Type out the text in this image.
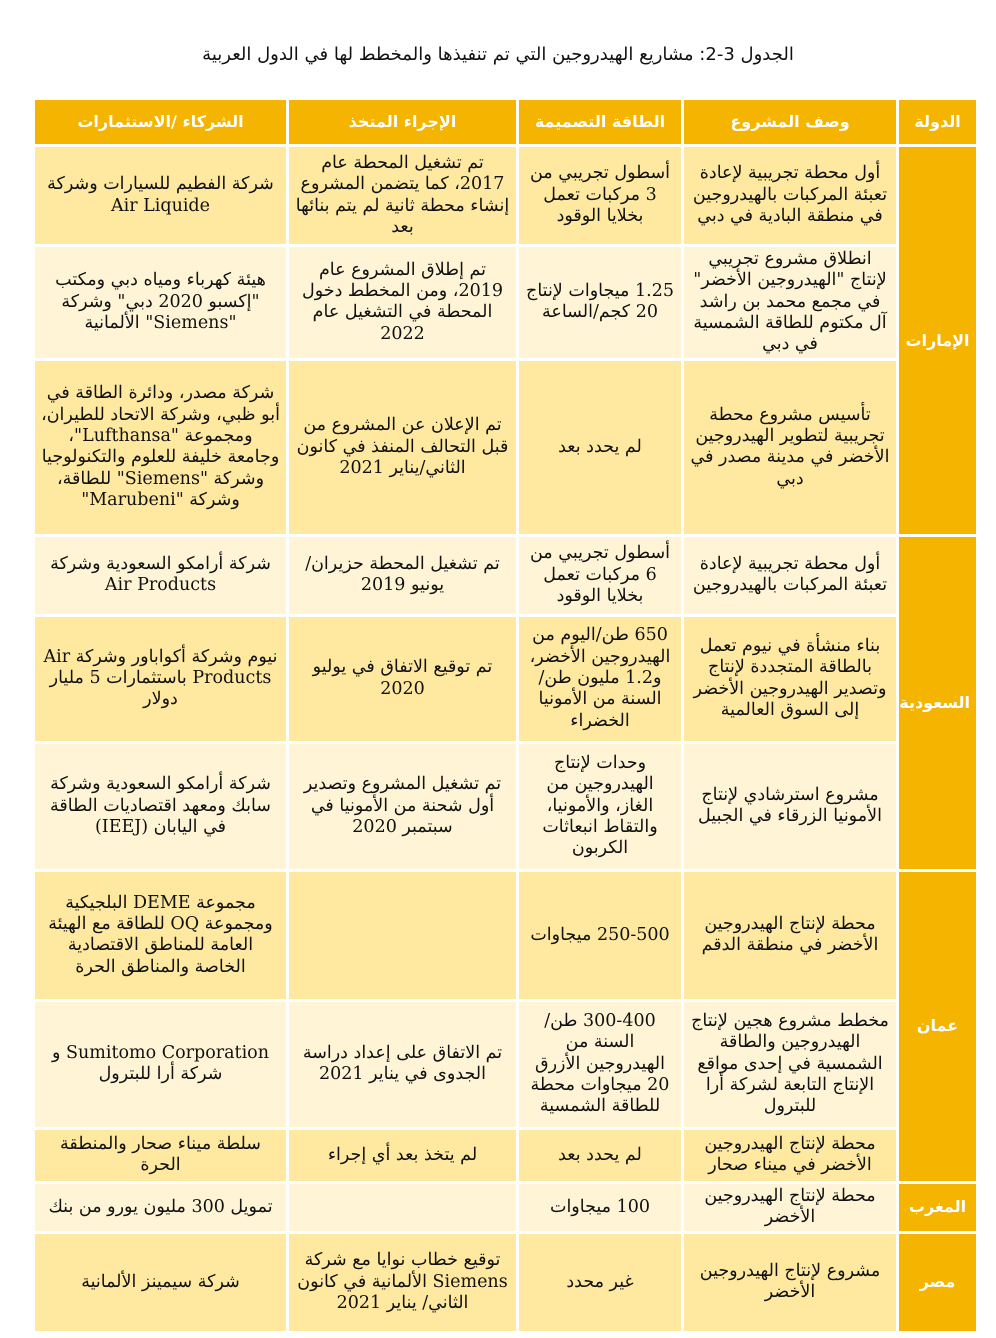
الجدول 3-2: مشاريع الهيدروجين التي تم تنفيذها والمخطط لها في الدول العربية
الدولة	وصف المشروع	الطاقة التصميمة	الإجراء المتخذ	الشركاء /الاستثمارات
الإمارات	أول محطة تجريبية لإعادة تعبئة المركبات بالهيدروجين في منطقة البادية في دبي	أسطول تجريبي من 3 مركبات تعمل بخلايا الوقود	تم تشغيل المحطة عام 2017، كما يتضمن المشروع إنشاء محطة ثانية لم يتم بنائها بعد	شركة الفطيم للسيارات وشركة Air Liquide
	انطلاق مشروع تجريبي لإنتاج "الهيدروجين الأخضر" في مجمع محمد بن راشد آل مكتوم للطاقة الشمسية في دبي	1.25 ميجاوات لإنتاج 20 كجم/الساعة	تم إطلاق المشروع عام 2019، ومن المخطط دخول المحطة في التشغيل عام 2022	هيئة كهرباء ومياه دبي ومكتب "إكسبو 2020 دبي" وشركة "Siemens" الألمانية
	تأسيس مشروع محطة تجريبية لتطوير الهيدروجين الأخضر في مدينة مصدر في دبي	لم يحدد بعد	تم الإعلان عن المشروع من قبل التحالف المنفذ في كانون الثاني/يناير 2021	شركة مصدر، ودائرة الطاقة في أبو ظبي، وشركة الاتحاد للطيران، ومجموعة "Lufthansa"، وجامعة خليفة للعلوم والتكنولوجيا وشركة "Siemens" للطاقة، وشركة "Marubeni"
السعودية	أول محطة تجريبية لإعادة تعبئة المركبات بالهيدروجين	أسطول تجريبي من 6 مركبات تعمل بخلايا الوقود	تم تشغيل المحطة حزيران/يونيو 2019	شركة أرامكو السعودية وشركة Air Products
	بناء منشأة في نيوم تعمل بالطاقة المتجددة لإنتاج وتصدير الهيدروجين الأخضر إلى السوق العالمية	650 طن/اليوم من الهيدروجين الأخضر، و1.2 مليون طن/السنة من الأمونيا الخضراء	تم توقيع الاتفاق في يوليو 2020	نيوم وشركة أكواباور وشركة Air Products باستثمارات 5 مليار دولار
	مشروع استرشادي لإنتاج الأمونيا الزرقاء في الجبيل	وحدات لإنتاج الهيدروجين من الغاز، والأمونيا، والتقاط انبعاثات الكربون	تم تشغيل المشروع وتصدير أول شحنة من الأمونيا في سبتمبر 2020	شركة أرامكو السعودية وشركة سابك ومعهد اقتصاديات الطاقة في اليابان (IEEJ)
عمان	محطة لإنتاج الهيدروجين الأخضر في منطقة الدقم	250-500 ميجاوات		مجموعة DEME البلجيكية ومجموعة OQ للطاقة مع الهيئة العامة للمناطق الاقتصادية الخاصة والمناطق الحرة
	مخطط مشروع هجين لإنتاج الهيدروجين والطاقة الشمسية في إحدى مواقع الإنتاج التابعة لشركة أرا للبترول	300-400 طن/السنة من الهيدروجين الأزرق 20 ميجاوات محطة للطاقة الشمسية	تم الاتفاق على إعداد دراسة الجدوى في يناير 2021	Sumitomo Corporation و شركة أرا للبترول
	محطة لإنتاج الهيدروجين الأخضر في ميناء صحار	لم يحدد بعد	لم يتخذ بعد أي إجراء	سلطة ميناء صحار والمنطقة الحرة
المغرب	محطة لإنتاج الهيدروجين الأخضر	100 ميجاوات		تمويل 300 مليون يورو من بنك
مصر	مشروع لإنتاج الهيدروجين الأخضر	غير محدد	توقيع خطاب نوايا مع شركة Siemens الألمانية في كانون الثاني/ يناير 2021	شركة سيمينز الألمانية
